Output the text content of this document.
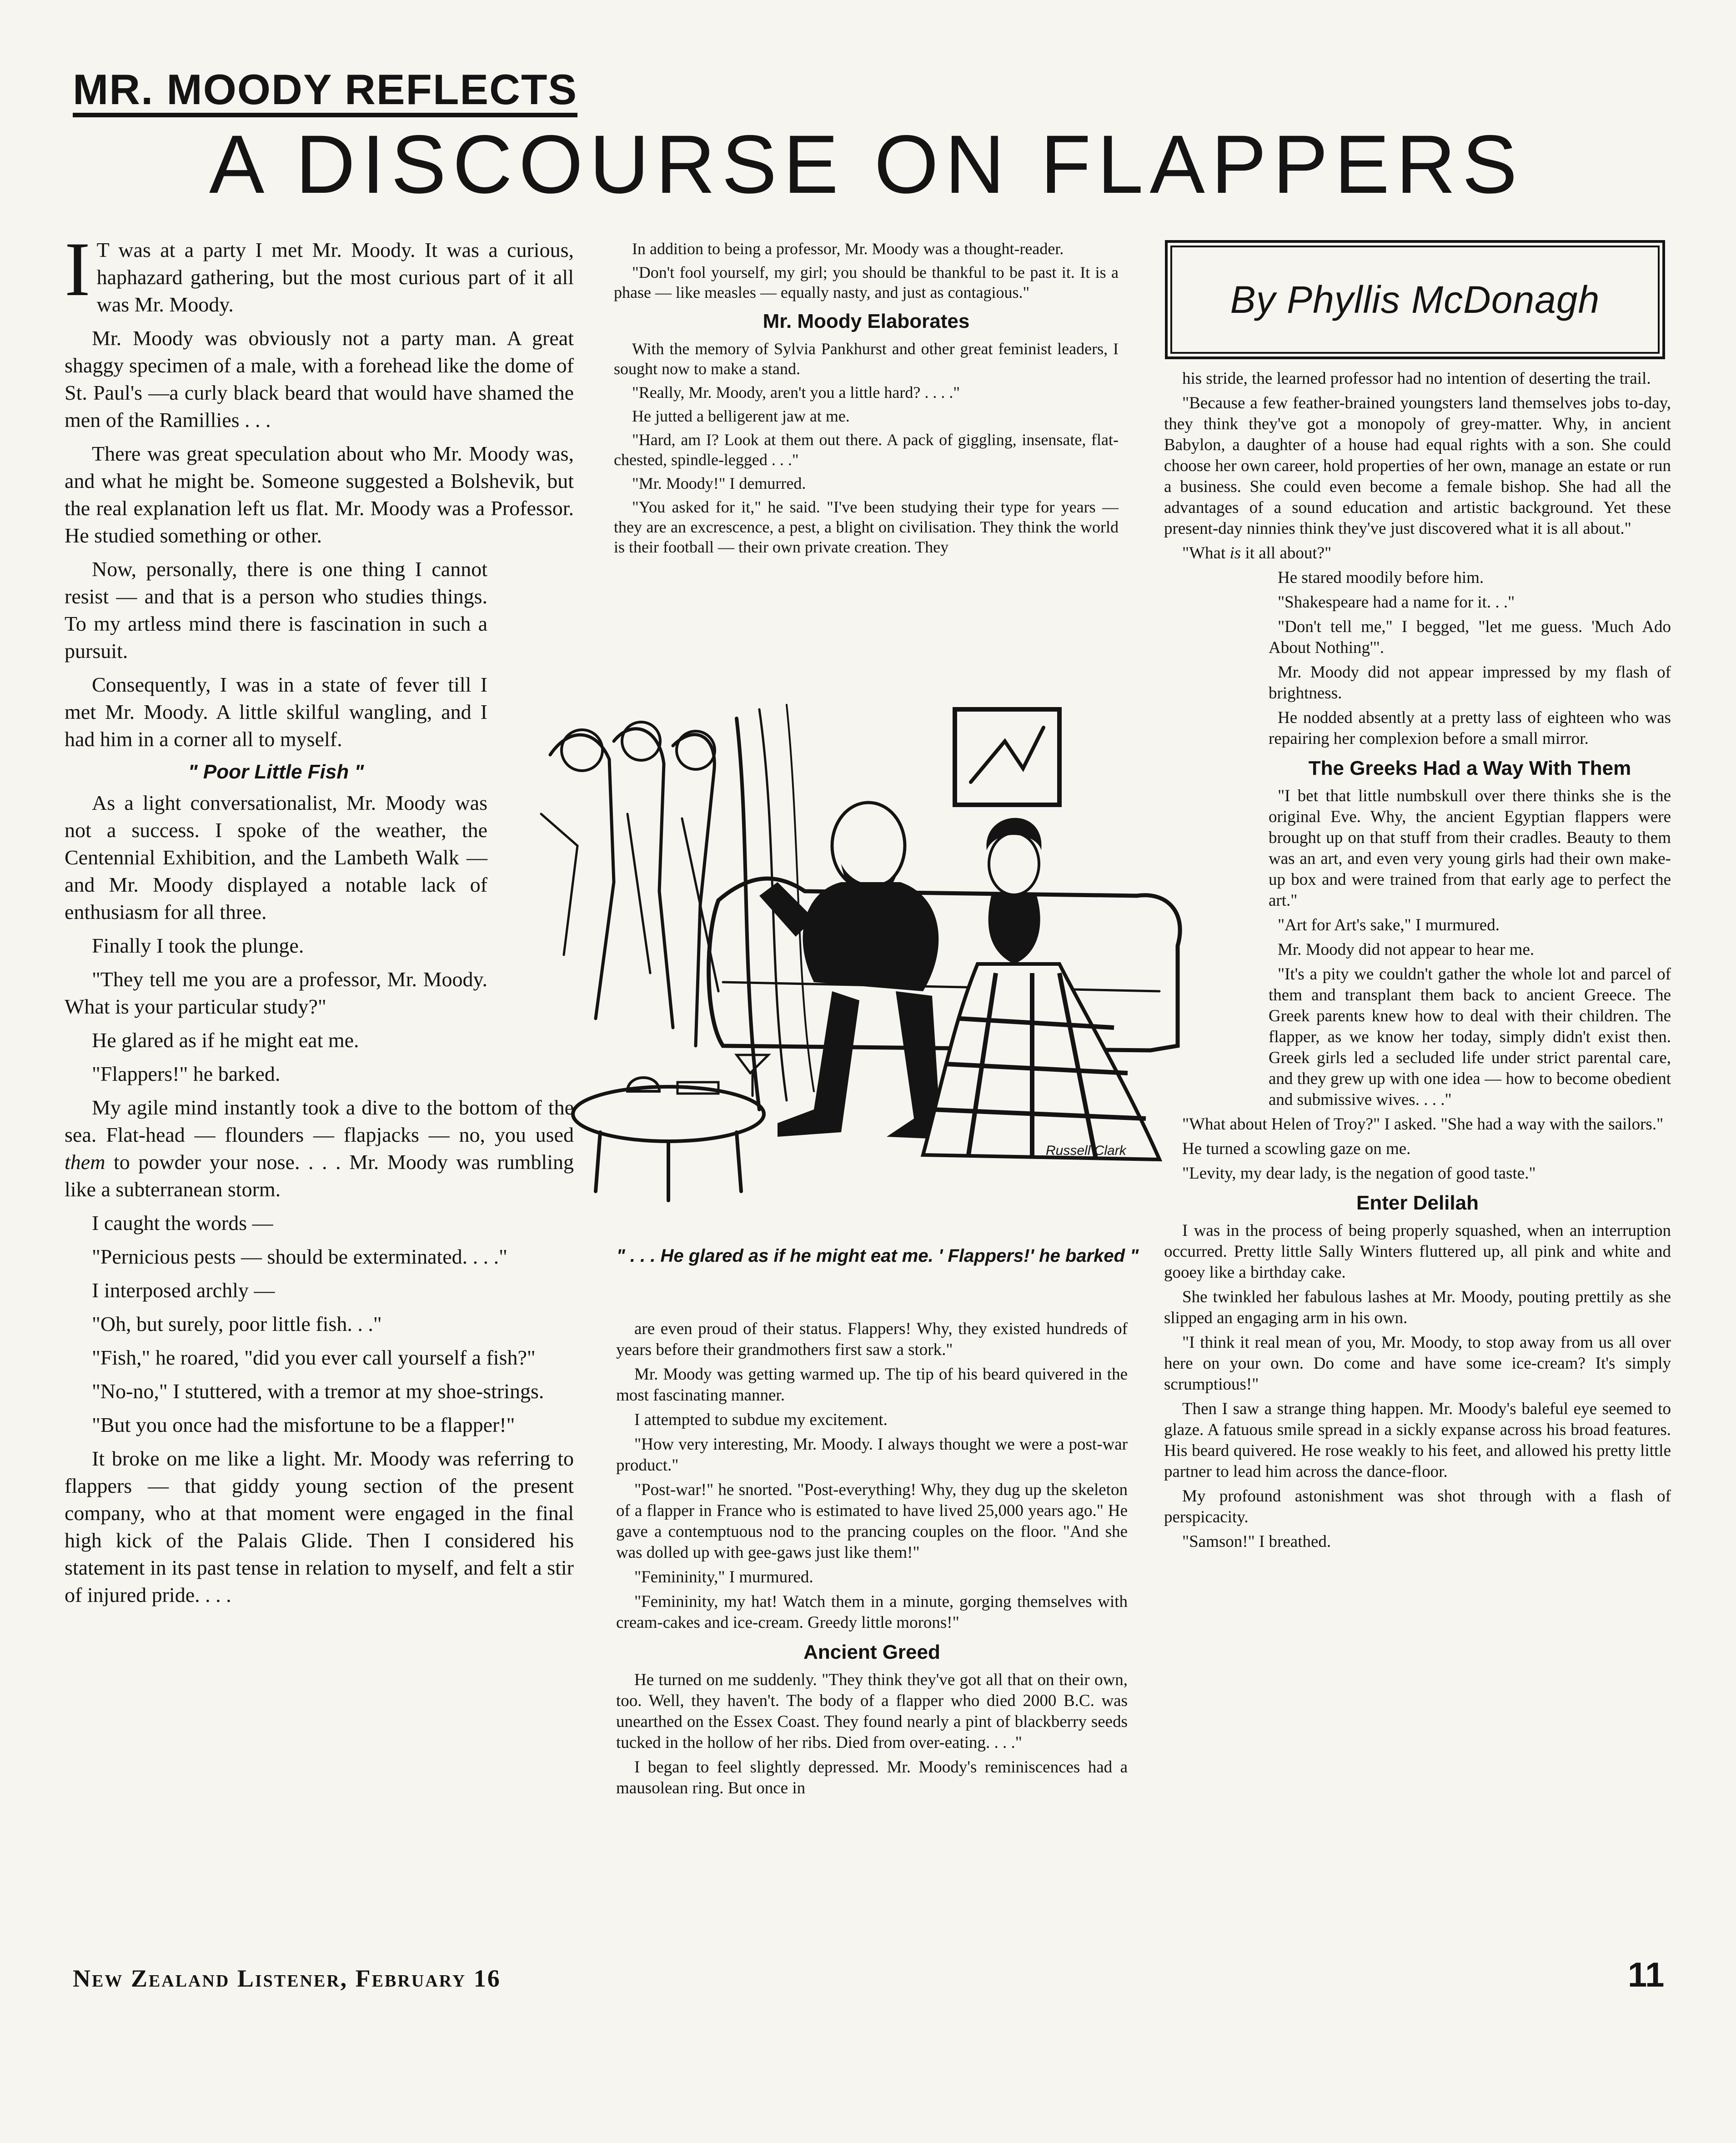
MR. MOODY REFLECTS
A DISCOURSE ON FLAPPERS

I T was at a party I met Mr. Moody. It was a curious, haphazard gathering, but the most curious part of it all was Mr. Moody.

Mr. Moody was obviously not a party man. A great shaggy specimen of a male, with a forehead like the dome of St. Paul's —a curly black beard that would have shamed the men of the Ramillies . . .

There was great speculation about who Mr. Moody was, and what he might be. Someone suggested a Bolshevik, but the real explanation left us flat. Mr. Moody was a Professor. He studied something or other.

Now, personally, there is one thing I cannot resist — and that is a person who studies things. To my artless mind there is fascination in such a pursuit.

Consequently, I was in a state of fever till I met Mr. Moody. A little skilful wangling, and I had him in a corner all to myself.

" Poor Little Fish "

As a light conversationalist, Mr. Moody was not a success. I spoke of the weather, the Centennial Exhibition, and the Lambeth Walk — and Mr. Moody displayed a notable lack of enthusiasm for all three.

Finally I took the plunge.

"They tell me you are a professor, Mr. Moody. What is your particular study?"

He glared as if he might eat me.

"Flappers!" he barked.

My agile mind instantly took a dive to the bottom of the sea. Flat-head — flounders — flapjacks — no, you used them to powder your nose. . . . Mr. Moody was rumbling like a subterranean storm.

I caught the words —

"Pernicious pests — should be exterminated. . . ."

I interposed archly —

"Oh, but surely, poor little fish. . ."

"Fish," he roared, "did you ever call yourself a fish?"

"No-no," I stuttered, with a tremor at my shoe-strings.

"But you once had the misfortune to be a flapper!"

It broke on me like a light. Mr. Moody was referring to flappers — that giddy young section of the present company, who at that moment were engaged in the final high kick of the Palais Glide. Then I considered his statement in its past tense in relation to myself, and felt a stir of injured pride. . . .

In addition to being a professor, Mr. Moody was a thought-reader.

"Don't fool yourself, my girl; you should be thankful to be past it. It is a phase — like measles — equally nasty, and just as contagious."

Mr. Moody Elaborates

With the memory of Sylvia Pankhurst and other great feminist leaders, I sought now to make a stand.

"Really, Mr. Moody, aren't you a little hard? . . . ."

He jutted a belligerent jaw at me.

"Hard, am I? Look at them out there. A pack of giggling, insensate, flat-chested, spindle-legged . . ."

"Mr. Moody!" I demurred.

"You asked for it," he said. "I've been studying their type for years — they are an excrescence, a pest, a blight on civilisation. They think the world is their football — their own private creation. They

By Phyllis McDonagh
Russell Clark
" . . . He glared as if he might eat me. ' Flappers!' he barked "

are even proud of their status. Flappers! Why, they existed hundreds of years before their grandmothers first saw a stork."

Mr. Moody was getting warmed up. The tip of his beard quivered in the most fascinating manner.

I attempted to subdue my excitement.

"How very interesting, Mr. Moody. I always thought we were a post-war product."

"Post-war!" he snorted. "Post-everything! Why, they dug up the skeleton of a flapper in France who is estimated to have lived 25,000 years ago." He gave a contemptuous nod to the prancing couples on the floor. "And she was dolled up with gee-gaws just like them!"

"Femininity," I murmured.

"Femininity, my hat! Watch them in a minute, gorging themselves with cream-cakes and ice-cream. Greedy little morons!"

Ancient Greed

He turned on me suddenly. "They think they've got all that on their own, too. Well, they haven't. The body of a flapper who died 2000 B.C. was unearthed on the Essex Coast. They found nearly a pint of blackberry seeds tucked in the hollow of her ribs. Died from over-eating. . . ."

I began to feel slightly depressed. Mr. Moody's reminiscences had a mausolean ring. But once in

his stride, the learned professor had no intention of deserting the trail.

"Because a few feather-brained youngsters land themselves jobs to-day, they think they've got a monopoly of grey-matter. Why, in ancient Babylon, a daughter of a house had equal rights with a son. She could choose her own career, hold properties of her own, manage an estate or run a business. She could even become a female bishop. She had all the advantages of a sound education and artistic background. Yet these present-day ninnies think they've just discovered what it is all about."

"What is it all about?"

He stared moodily before him.

"Shakespeare had a name for it. . ."

"Don't tell me," I begged, "let me guess. 'Much Ado About Nothing'".

Mr. Moody did not appear impressed by my flash of brightness.

He nodded absently at a pretty lass of eighteen who was repairing her complexion before a small mirror.

The Greeks Had a Way With Them

"I bet that little numbskull over there thinks she is the original Eve. Why, the ancient Egyptian flappers were brought up on that stuff from their cradles. Beauty to them was an art, and even very young girls had their own make-up box and were trained from that early age to perfect the art."

"Art for Art's sake," I murmured.

Mr. Moody did not appear to hear me.

"It's a pity we couldn't gather the whole lot and parcel of them and transplant them back to ancient Greece. The Greek parents knew how to deal with their children. The flapper, as we know her today, simply didn't exist then. Greek girls led a secluded life under strict parental care, and they grew up with one idea — how to become obedient and submissive wives. . . ."

"What about Helen of Troy?" I asked. "She had a way with the sailors."

He turned a scowling gaze on me.

"Levity, my dear lady, is the negation of good taste."

Enter Delilah

I was in the process of being properly squashed, when an interruption occurred. Pretty little Sally Winters fluttered up, all pink and white and gooey like a birthday cake.

She twinkled her fabulous lashes at Mr. Moody, pouting prettily as she slipped an engaging arm in his own.

"I think it real mean of you, Mr. Moody, to stop away from us all over here on your own. Do come and have some ice-cream? It's simply scrumptious!"

Then I saw a strange thing happen. Mr. Moody's baleful eye seemed to glaze. A fatuous smile spread in a sickly expanse across his broad features. His beard quivered. He rose weakly to his feet, and allowed his pretty little partner to lead him across the dance-floor.

My profound astonishment was shot through with a flash of perspicacity.

"Samson!" I breathed.

New Zealand Listener, February 16	11
